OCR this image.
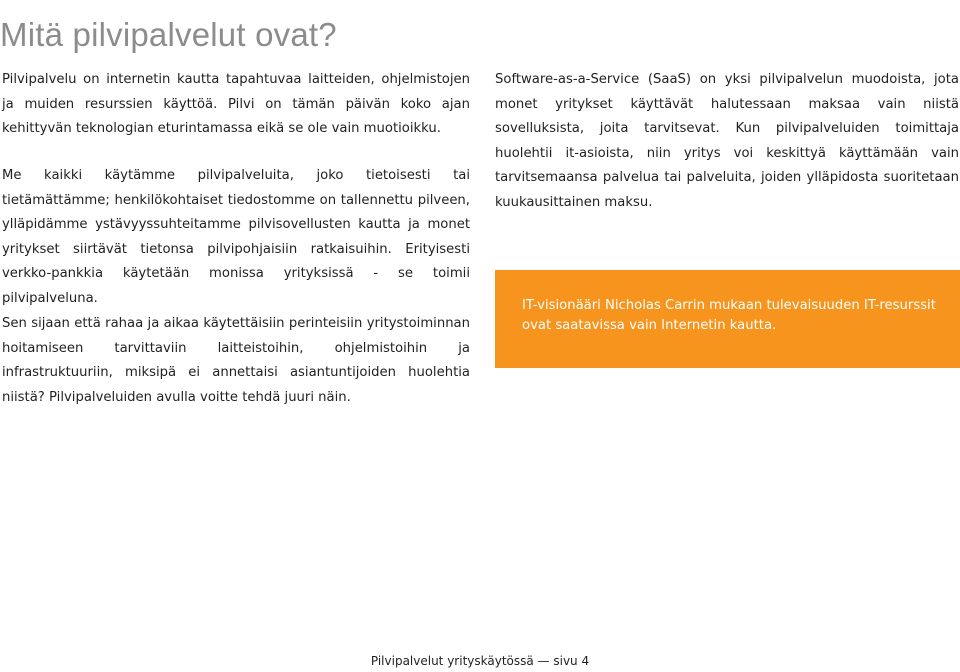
Mitä pilvipalvelut ovat?

Pilvipalvelu on internetin kautta tapahtuvaa laitteiden, ohjelmistojen ja muiden resurssien käyttöä. Pilvi on tämän päivän koko ajan kehittyvän teknologian eturintamassa eikä se ole vain muotioikku.

Me kaikki käytämme pilvipalveluita, joko tietoisesti tai tietämättämme; henkilökohtaiset tiedostomme on tallennettu pilveen, ylläpidämme ystävyyssuhteitamme pilvisovellusten kautta ja monet yritykset siirtävät tietonsa pilvipohjaisiin ratkaisuihin. Erityisesti verkko-pankkia käytetään monissa yrityksissä - se toimii pilvipalveluna.

Sen sijaan että rahaa ja aikaa käytettäisiin perinteisiin yritystoiminnan hoitamiseen tarvittaviin laitteistoihin, ohjelmistoihin ja infrastruktuuriin, miksipä ei annettaisi asiantuntijoiden huolehtia niistä? Pilvipalveluiden avulla voitte tehdä juuri näin.

Software-as-a-Service (SaaS) on yksi pilvipalvelun muodoista, jota monet yritykset käyttävät halutessaan maksaa vain niistä sovelluksista, joita tarvitsevat. Kun pilvipalveluiden toimittaja huolehtii it-asioista, niin yritys voi keskittyä käyttämään vain tarvitsemaansa palvelua tai palveluita, joiden ylläpidosta suoritetaan kuukausittainen maksu.

IT-visionääri Nicholas Carrin mukaan tulevaisuuden IT-resurssit ovat saatavissa vain Internetin kautta.

Pilvipalvelut yrityskäytössä — sivu 4
